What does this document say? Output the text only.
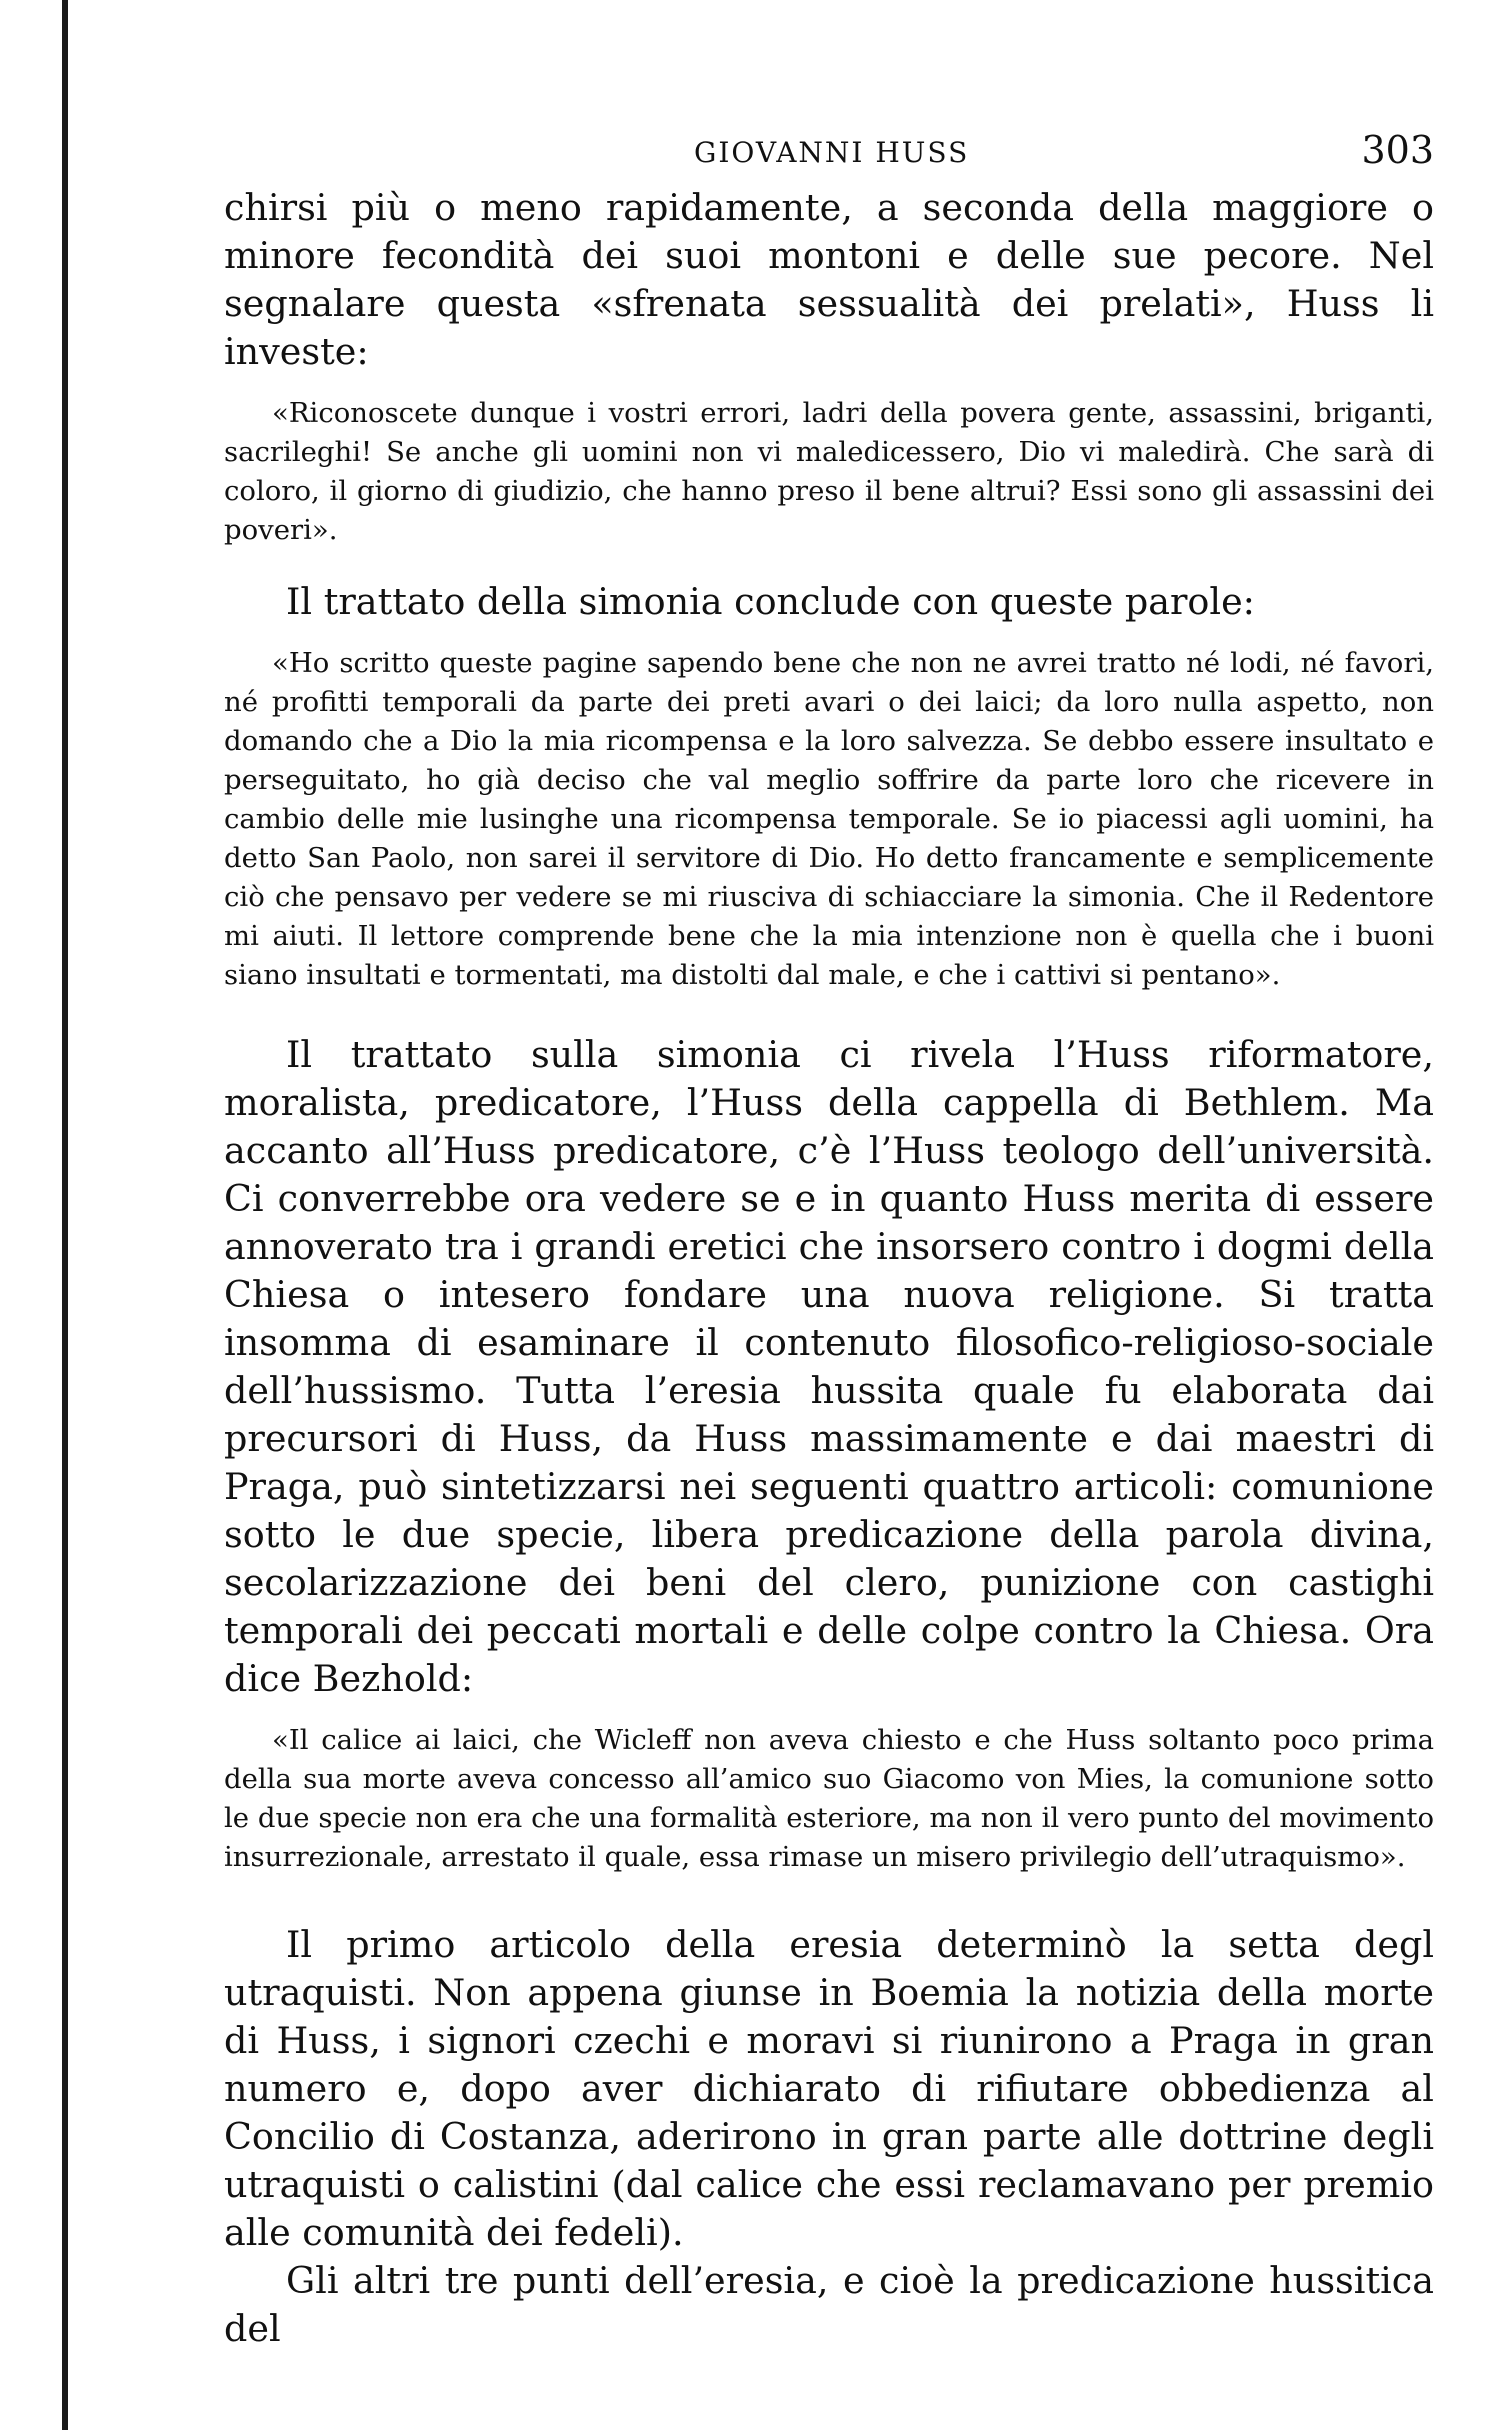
GIOVANNI HUSS	303

chirsi più o meno rapidamente, a seconda della maggiore o minore fecondità dei suoi montoni e delle sue pecore. Nel segnalare questa «sfrenata sessualità dei prelati», Huss li investe:

«Riconoscete dunque i vostri errori, ladri della povera gente, assassini, briganti, sacrileghi! Se anche gli uomini non vi maledicessero, Dio vi maledirà. Che sarà di coloro, il giorno di giudizio, che hanno preso il bene altrui? Essi sono gli assassini dei poveri».

Il trattato della simonia conclude con queste parole:

«Ho scritto queste pagine sapendo bene che non ne avrei tratto né lodi, né favori, né profitti temporali da parte dei preti avari o dei laici; da loro nulla aspetto, non domando che a Dio la mia ricompensa e la loro salvezza. Se debbo essere insultato e perseguitato, ho già deciso che val meglio soffrire da parte loro che ricevere in cambio delle mie lusinghe una ricompensa temporale. Se io piacessi agli uomini, ha detto San Paolo, non sarei il servitore di Dio. Ho detto francamente e semplicemente ciò che pensavo per vedere se mi riusciva di schiacciare la simonia. Che il Redentore mi aiuti. Il lettore comprende bene che la mia intenzione non è quella che i buoni siano insultati e tormentati, ma distolti dal male, e che i cattivi si pentano».

Il trattato sulla simonia ci rivela l’Huss riformatore, moralista, predicatore, l’Huss della cappella di Bethlem. Ma accanto all’Huss predicatore, c’è l’Huss teologo dell’università. Ci converrebbe ora vedere se e in quanto Huss merita di essere annoverato tra i grandi eretici che insorsero contro i dogmi della Chiesa o intesero fondare una nuova religione. Si tratta insomma di esaminare il contenuto filosofico-religioso-sociale dell’hussismo. Tutta l’eresia hussita quale fu elaborata dai precursori di Huss, da Huss massimamente e dai maestri di Praga, può sintetizzarsi nei seguenti quattro articoli: comunione sotto le due specie, libera predicazione della parola divina, secolarizzazione dei beni del clero, punizione con castighi temporali dei peccati mortali e delle colpe contro la Chiesa. Ora dice Bezhold:

«Il calice ai laici, che Wicleff non aveva chiesto e che Huss soltanto poco prima della sua morte aveva concesso all’amico suo Giacomo von Mies, la comunione sotto le due specie non era che una formalità esteriore, ma non il vero punto del movimento insurrezionale, arrestato il quale, essa rimase un misero privilegio dell’utraquismo».

Il primo articolo della eresia determinò la setta degl utraquisti. Non appena giunse in Boemia la notizia della morte di Huss, i signori czechi e moravi si riunirono a Praga in gran numero e, dopo aver dichiarato di rifiutare obbedienza al Concilio di Costanza, aderirono in gran parte alle dottrine degli utraquisti o calistini (dal calice che essi reclamavano per premio alle comunità dei fedeli).

Gli altri tre punti dell’eresia, e cioè la predicazione hussitica del
